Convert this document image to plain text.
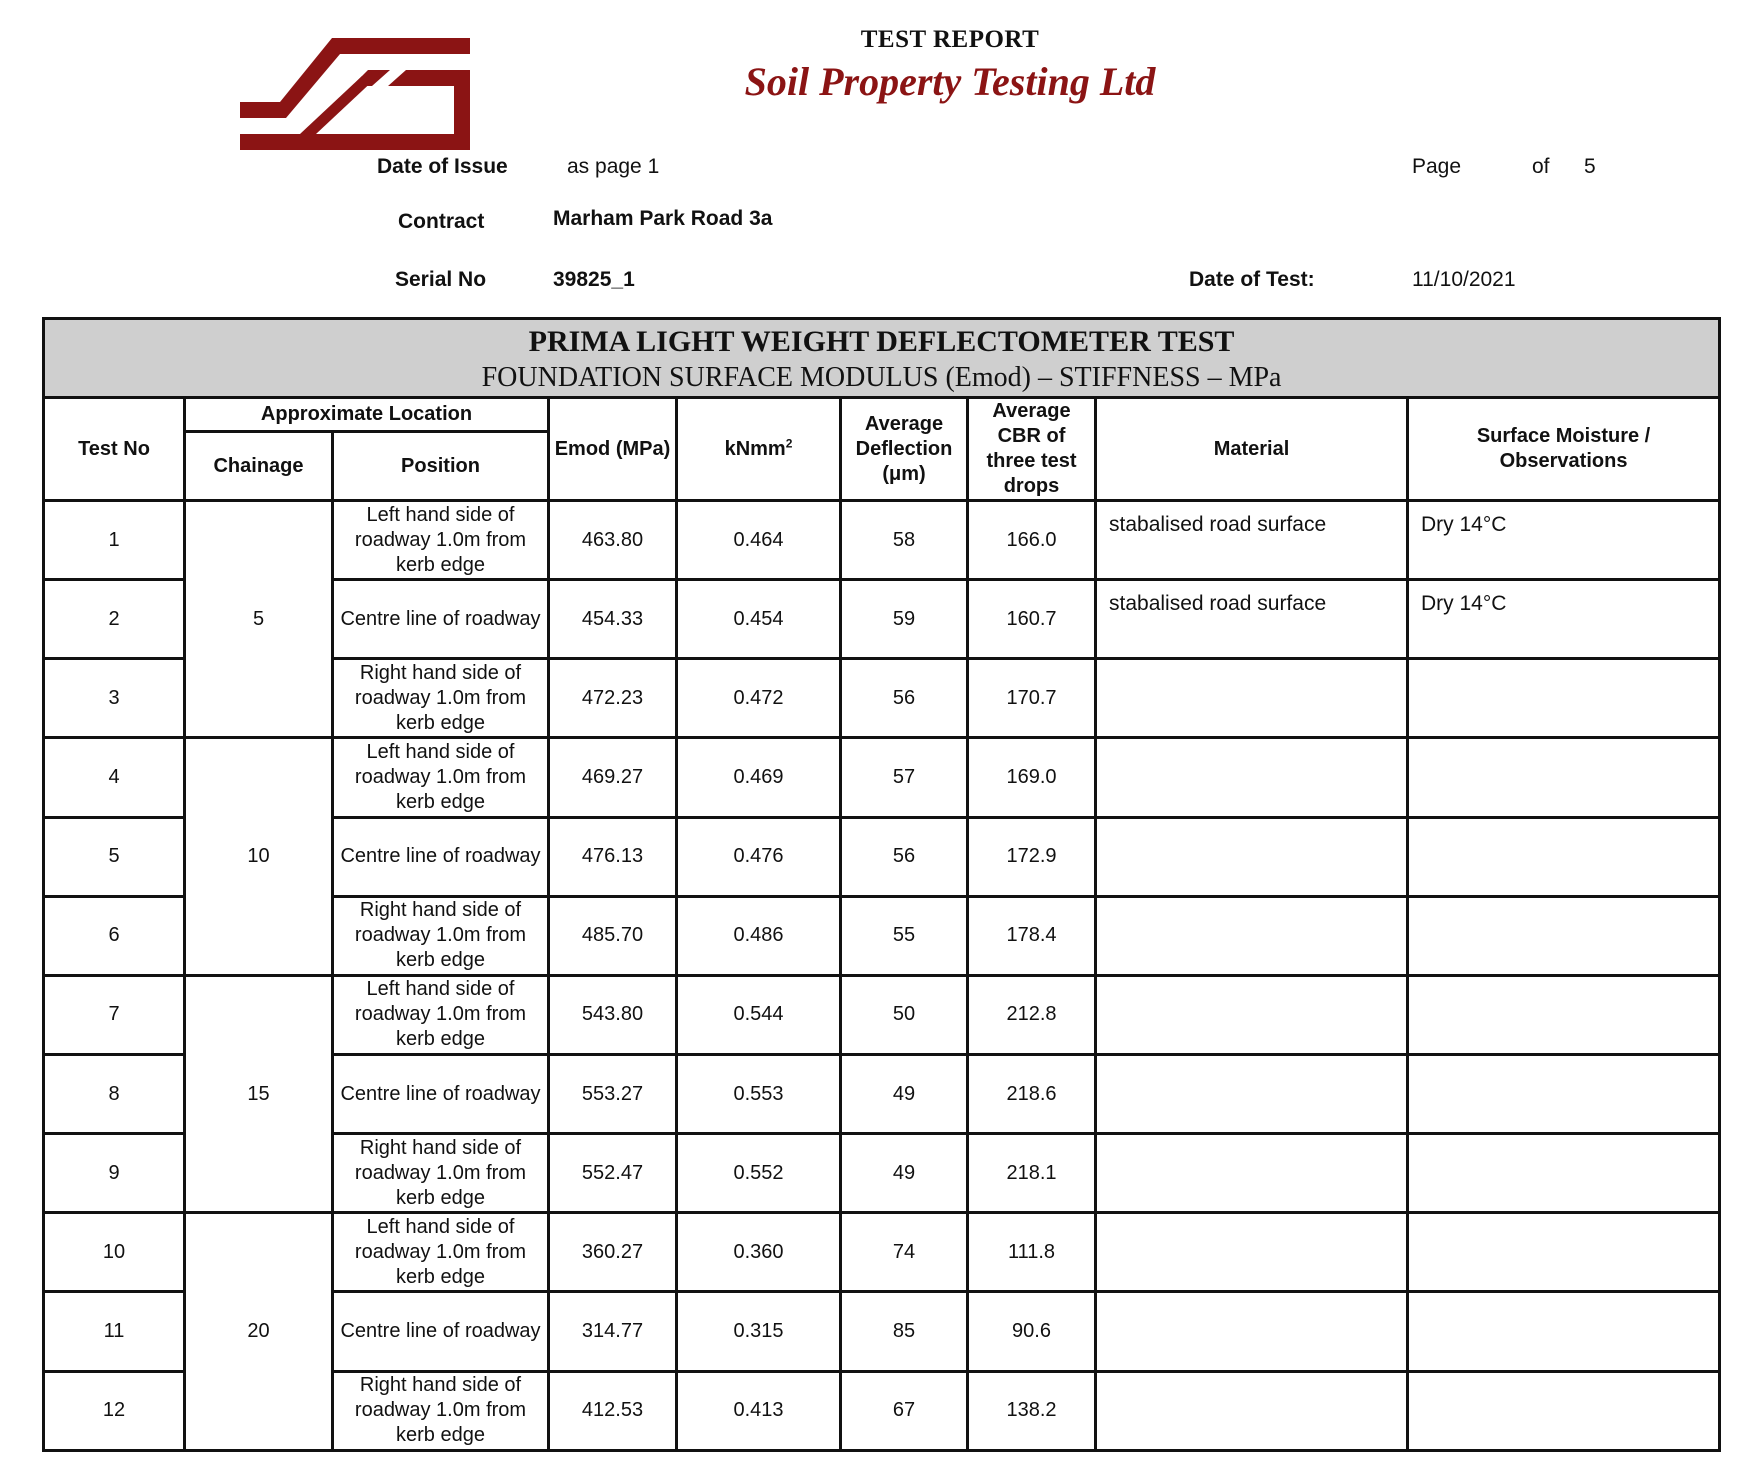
TEST REPORT
Soil Property Testing Ltd
Date of Issue	as page 1	Page	of 5
Contract	Marham Park Road 3a
Serial No	39825_1	Date of Test:	11/10/2021
PRIMA LIGHT WEIGHT DEFLECTOMETER TEST
FOUNDATION SURFACE MODULUS (Emod) – STIFFNESS – MPa								

Test No	Approximate Location		Emod (MPa)	kNmm$^2$	Average Deflection (μm)	Average CBR of three test drops	Material	Surface Moisture / Observations
	Chainage	Position						
1	5	Left hand side of roadway 1.0m from kerb edge	463.80	0.464	58	166.0	stabalised road surface	Dry 14°C
2		Centre line of roadway	454.33	0.454	59	160.7	stabalised road surface	Dry 14°C
3		Right hand side of roadway 1.0m from kerb edge	472.23	0.472	56	170.7		
4	10	Left hand side of roadway 1.0m from kerb edge	469.27	0.469	57	169.0		
5		Centre line of roadway	476.13	0.476	56	172.9		
6		Right hand side of roadway 1.0m from kerb edge	485.70	0.486	55	178.4		
7	15	Left hand side of roadway 1.0m from kerb edge	543.80	0.544	50	212.8		
8		Centre line of roadway	553.27	0.553	49	218.6		
9		Right hand side of roadway 1.0m from kerb edge	552.47	0.552	49	218.1		
10	20	Left hand side of roadway 1.0m from kerb edge	360.27	0.360	74	111.8		
11		Centre line of roadway	314.77	0.315	85	90.6		
12		Right hand side of roadway 1.0m from kerb edge	412.53	0.413	67	138.2		
